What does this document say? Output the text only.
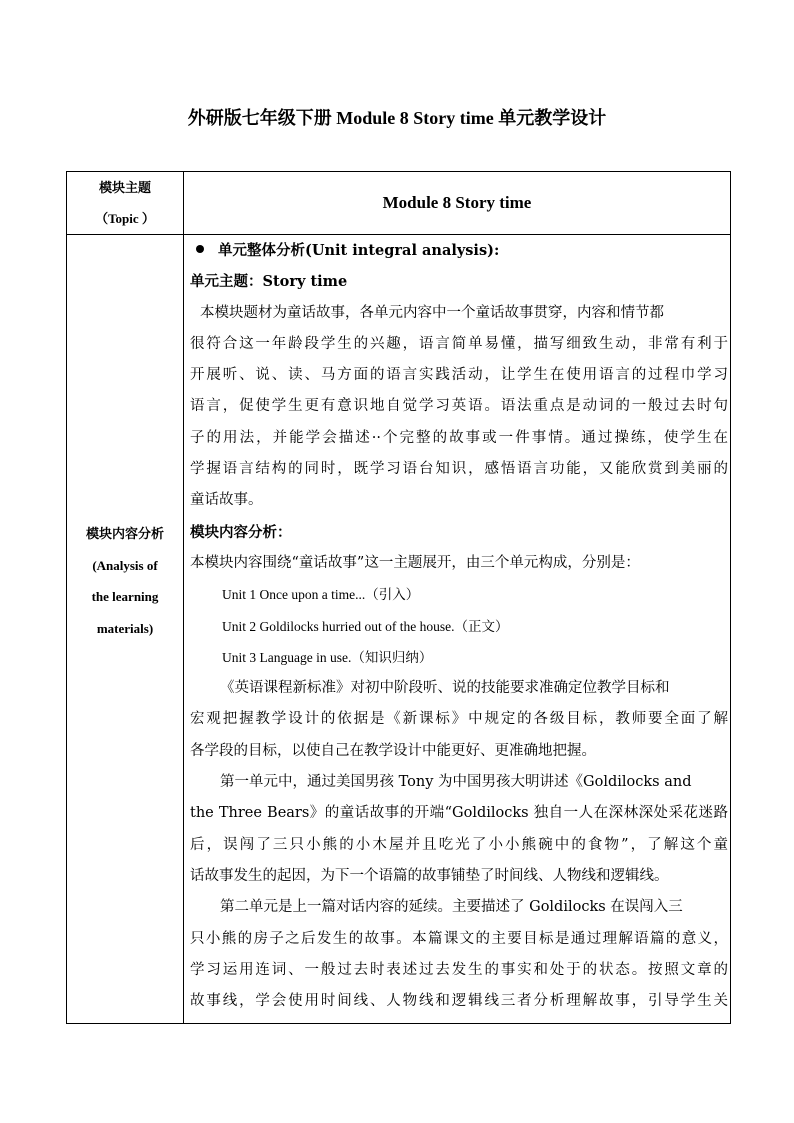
外研版七年级下册 Module 8 Story time 单元教学设计
模块主题
（Topic ）
Module 8 Story time
模块内容分析
(Analysis of
the learning
materials)
单元整体分析(Unit integral analysis):
单元主题：Story time
本模块题材为童话故事，各单元内容中一个童话故事贯穿，内容和情节都
很符合这一年龄段学生的兴趣，语言简单易懂，描写细致生动，非常有利于
开展听、说、读、马方面的语言实践活动，让学生在使用语言的过程巾学习
语言，促使学生更有意识地自觉学习英语。语法重点是动词的一般过去时句
子的用法，并能学会描述··个完整的故事或一件事情。通过操练，使学生在
学握语言结构的同时，既学习语台知识，感悟语言功能，又能欣赏到美丽的
童话故事。
模块内容分析：
本模块内容围绕“童话故事”这一主题展开，由三个单元构成，分别是：
Unit 1 Once upon a time...（引入）
Unit 2 Goldilocks hurried out of the house.（正文）
Unit 3 Language in use.（知识归纳）
《英语课程新标准》对初中阶段听、说的技能要求准确定位教学目标和
宏观把握教学设计的依据是《新课标》中规定的各级目标，教师要全面了解
各学段的目标，以使自己在教学设计中能更好、更准确地把握。
第一单元中，通过美国男孩 Tony 为中国男孩大明讲述《Goldilocks and
the Three Bears》的童话故事的开端“Goldilocks 独自一人在深林深处采花迷路
后，误闯了三只小熊的小木屋并且吃光了小小熊碗中的食物”，了解这个童
话故事发生的起因，为下一个语篇的故事铺垫了时间线、人物线和逻辑线。
第二单元是上一篇对话内容的延续。主要描述了 Goldilocks 在误闯入三
只小熊的房子之后发生的故事。本篇课文的主要目标是通过理解语篇的意义，
学习运用连词、一般过去时表述过去发生的事实和处于的状态。按照文章的
故事线，学会使用时间线、人物线和逻辑线三者分析理解故事，引导学生关
